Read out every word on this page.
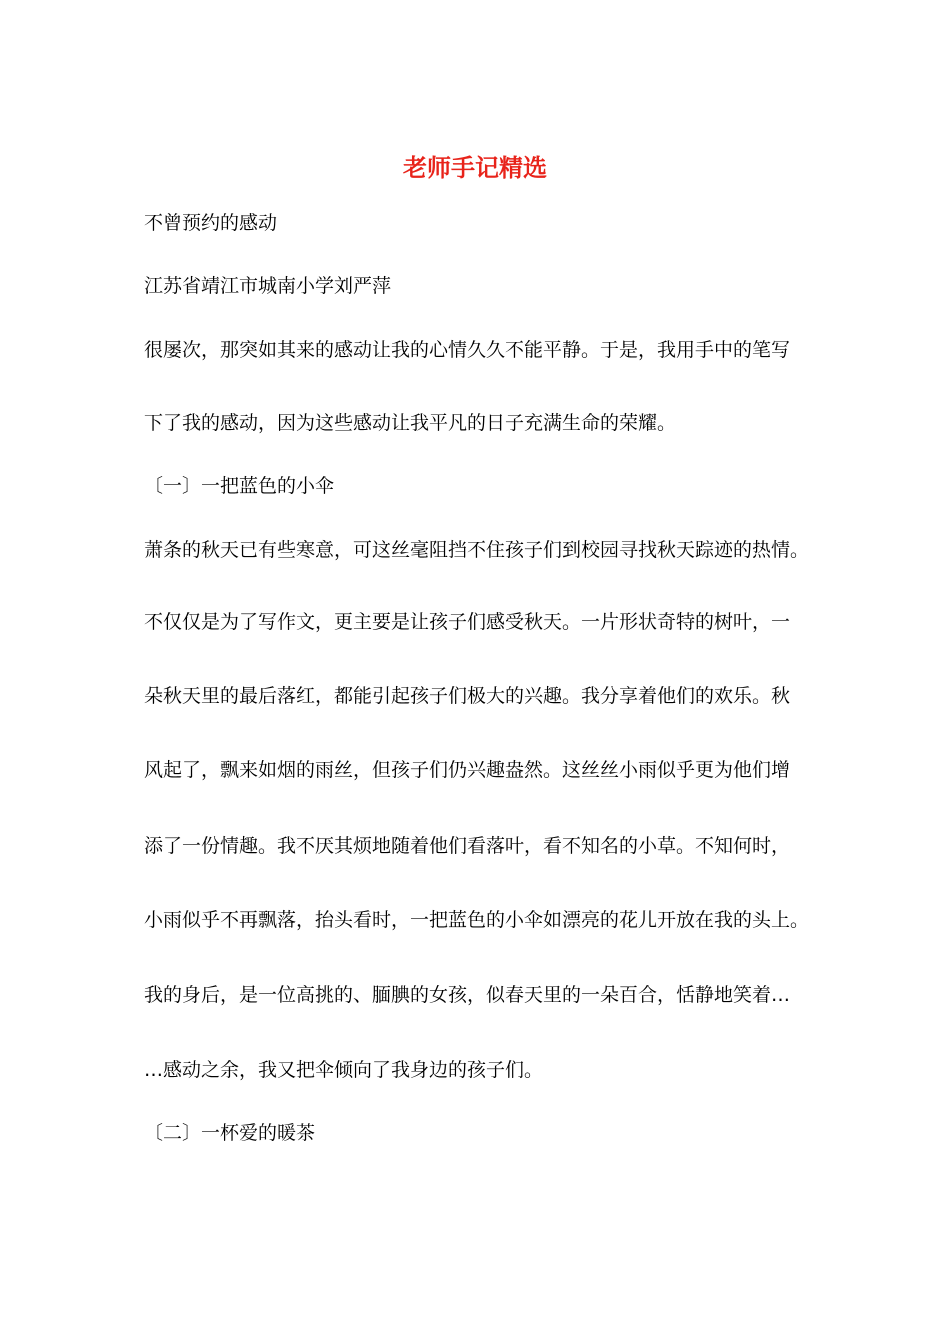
老师手记精选
不曾预约的感动
江苏省靖江市城南小学刘严萍
很屡次，那突如其来的感动让我的心情久久不能平静。于是，我用手中的笔写
下了我的感动，因为这些感动让我平凡的日子充满生命的荣耀。
〔一〕一把蓝色的小伞
萧条的秋天已有些寒意，可这丝毫阻挡不住孩子们到校园寻找秋天踪迹的热情。
不仅仅是为了写作文，更主要是让孩子们感受秋天。一片形状奇特的树叶，一
朵秋天里的最后落红，都能引起孩子们极大的兴趣。我分享着他们的欢乐。秋
风起了，飘来如烟的雨丝，但孩子们仍兴趣盎然。这丝丝小雨似乎更为他们增
添了一份情趣。我不厌其烦地随着他们看落叶，看不知名的小草。不知何时，
小雨似乎不再飘落，抬头看时，一把蓝色的小伞如漂亮的花儿开放在我的头上。
我的身后，是一位高挑的、腼腆的女孩，似春天里的一朵百合，恬静地笑着…
…感动之余，我又把伞倾向了我身边的孩子们。
〔二〕一杯爱的暖茶
